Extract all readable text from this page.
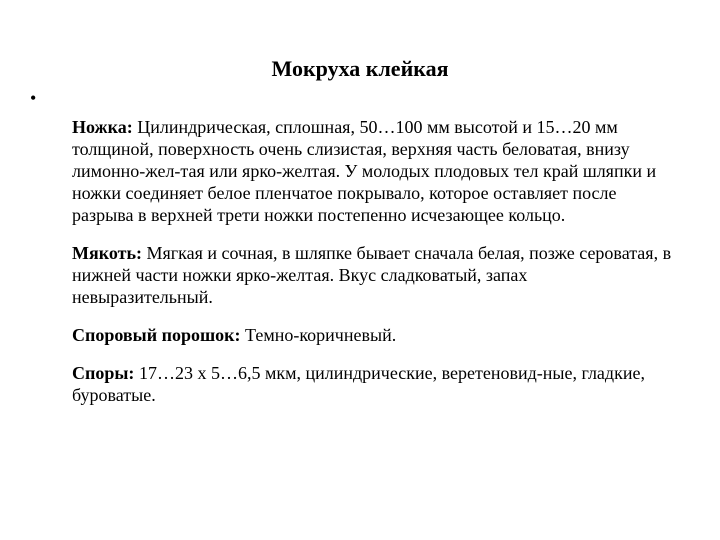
Мокруха клейкая
•

Ножка: Цилиндрическая, сплошная, 50…100 мм высотой и 15…20 мм толщиной, поверхность очень слизистая, верхняя часть беловатая, внизу лимонно-жел-тая или ярко-желтая. У молодых плодовых тел край шляпки и ножки соединяет белое пленчатое покрывало, которое оставляет после разрыва в верхней трети ножки постепенно исчезающее кольцо.

Мякоть: Мягкая и сочная, в шляпке бывает сначала белая, позже сероватая, в нижней части ножки ярко-желтая. Вкус сладковатый, запах невыразительный.

Споровый порошок: Темно-коричневый.

Споры: 17…23 x 5…6,5 мкм, цилиндрические, веретеновид-ные, гладкие, буроватые.
